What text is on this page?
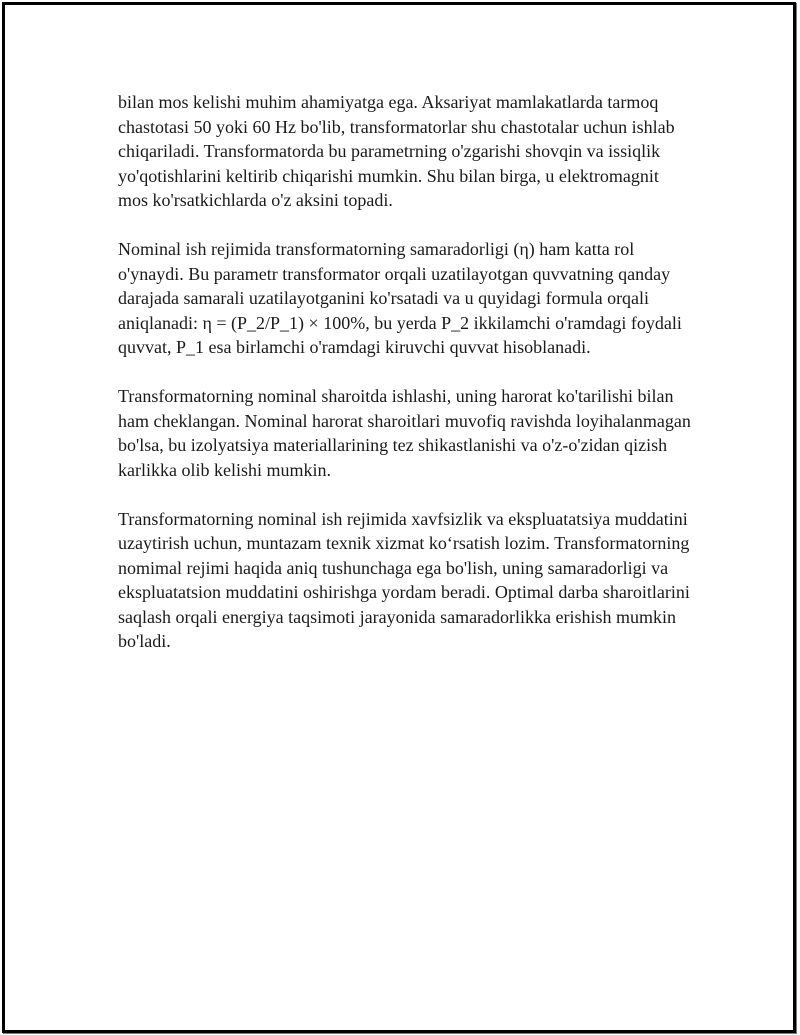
bilan mos kelishi muhim ahamiyatga ega. Aksariyat mamlakatlarda tarmoq chastotasi 50 yoki 60 Hz bo'lib, transformatorlar shu chastotalar uchun ishlab chiqariladi. Transformatorda bu parametrning o'zgarishi shovqin va issiqlik yo'qotishlarini keltirib chiqarishi mumkin. Shu bilan birga, u elektromagnit mos ko'rsatkichlarda o'z aksini topadi.

Nominal ish rejimida transformatorning samaradorligi (η) ham katta rol o'ynaydi. Bu parametr transformator orqali uzatilayotgan quvvatning qanday darajada samarali uzatilayotganini ko'rsatadi va u quyidagi formula orqali aniqlanadi: η = (P_2/P_1) × 100%, bu yerda P_2 ikkilamchi o'ramdagi foydali quvvat, P_1 esa birlamchi o'ramdagi kiruvchi quvvat hisoblanadi.

Transformatorning nominal sharoitda ishlashi, uning harorat ko'tarilishi bilan ham cheklangan. Nominal harorat sharoitlari muvofiq ravishda loyihalanmagan bo'lsa, bu izolyatsiya materiallarining tez shikastlanishi va o'z-o'zidan qizish karlikka olib kelishi mumkin.

Transformatorning nominal ish rejimida xavfsizlik va ekspluatatsiya muddatini uzaytirish uchun, muntazam texnik xizmat koʻrsatish lozim. Transformatorning nomimal rejimi haqida aniq tushunchaga ega bo'lish, uning samaradorligi va ekspluatatsion muddatini oshirishga yordam beradi. Optimal darba sharoitlarini saqlash orqali energiya taqsimoti jarayonida samaradorlikka erishish mumkin bo'ladi.
